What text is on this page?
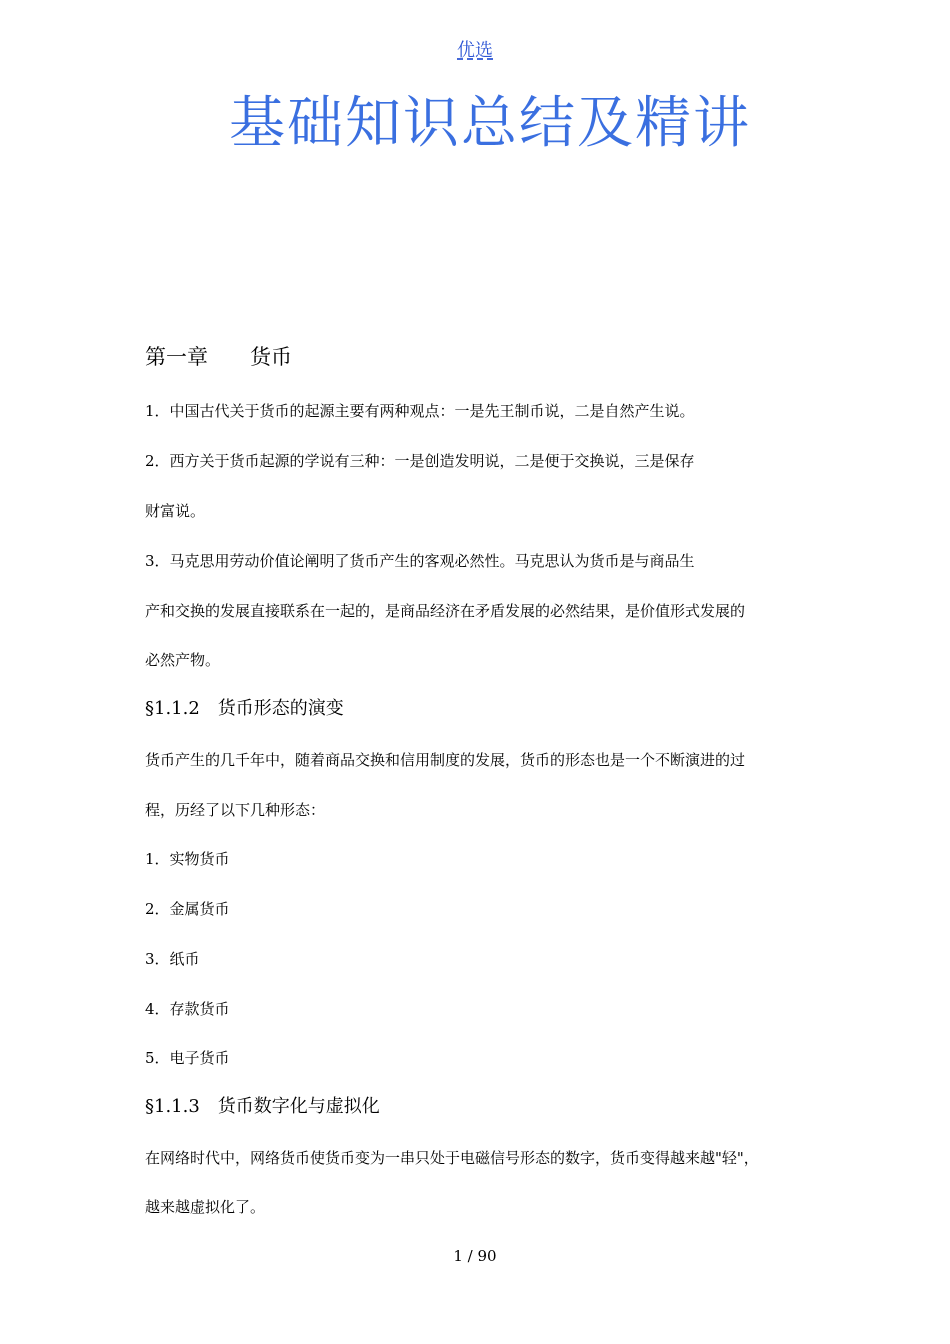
优选
基础知识总结及精讲
第一章　　货币
1．中国古代关于货币的起源主要有两种观点：一是先王制币说，二是自然产生说。
2．西方关于货币起源的学说有三种：一是创造发明说，二是便于交换说，三是保存
财富说。
3．马克思用劳动价值论阐明了货币产生的客观必然性。马克思认为货币是与商品生
产和交换的发展直接联系在一起的，是商品经济在矛盾发展的必然结果，是价值形式发展的
必然产物。
§1.1.2　货币形态的演变
货币产生的几千年中，随着商品交换和信用制度的发展，货币的形态也是一个不断演进的过
程，历经了以下几种形态：
1．实物货币
2．金属货币
3．纸币
4．存款货币
5．电子货币
§1.1.3　货币数字化与虚拟化
在网络时代中，网络货币使货币变为一串只处于电磁信号形态的数字，货币变得越来越"轻"，
越来越虚拟化了。
1 / 90
